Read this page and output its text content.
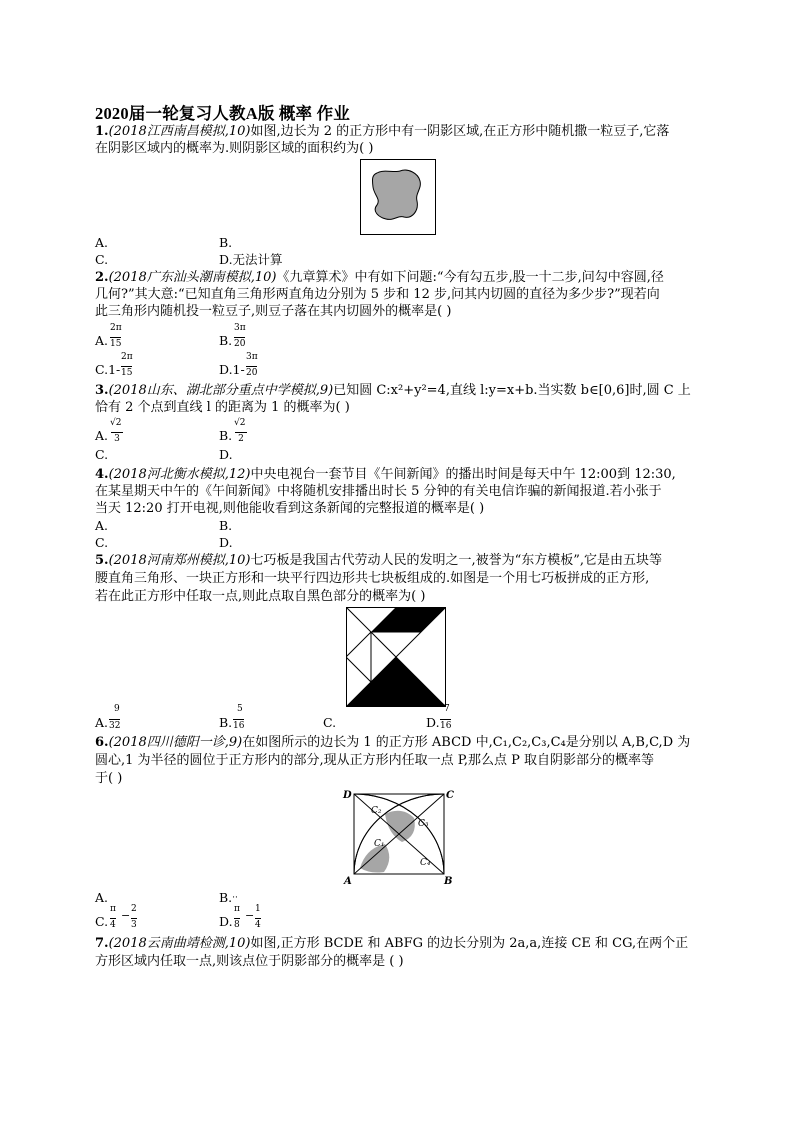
2020届一轮复习人教A版 概率 作业
1.(2018江西南昌模拟,10)如图,边长为 2 的正方形中有一阴影区域,在正方形中随机撒一粒豆子,它落
在阴影区域内的概率为.则阴影区域的面积约为( )
A.	B.
C.	D.无法计算
2.(2018广东汕头潮南模拟,10)《九章算术》中有如下问题:“今有勾五步,股一十二步,问勾中容圆,径
几何?”其大意:“已知直角三角形两直角边分别为 5 步和 12 步,问其内切圆的直径为多少步?”现若向
此三角形内随机投一粒豆子,则豆子落在其内切圆外的概率是( )
2π
A. 15
3π
B. 20
2π
C.1- 15
3π
D.1- 20
3.(2018山东、湖北部分重点中学模拟,9)已知圆 C:x²+y²=4,直线 l:y=x+b.当实数 b∈[0,6]时,圆 C 上
恰有 2 个点到直线 l 的距离为 1 的概率为( )
√2
A. 3
√2
B. 2
C.	D.
4.(2018河北衡水模拟,12)中央电视台一套节目《午间新闻》的播出时间是每天中午 12:00到 12:30,
在某星期天中午的《午间新闻》中将随机安排播出时长 5 分钟的有关电信诈骗的新闻报道.若小张于
当天 12:20 打开电视,则他能收看到这条新闻的完整报道的概率是( )
A.	B.
C.	D.
5.(2018河南郑州模拟,10)七巧板是我国古代劳动人民的发明之一,被誉为“东方模板”,它是由五块等
腰直角三角形、一块正方形和一块平行四边形共七块板组成的.如图是一个用七巧板拼成的正方形,
若在此正方形中任取一点,则此点取自黑色部分的概率为( )
9
A. 32
5
B. 16	C.
7
D. 16
6.(2018四川德阳一诊,9)在如图所示的边长为 1 的正方形 ABCD 中,C₁,C₂,C₃,C₄是分别以 A,B,C,D 为
圆心,1 为半径的圆位于正方形内的部分,现从正方形内任取一点 P,那么点 P 取自阴影部分的概率等
于( )
D	C
A	B
C₂
C₃
C₁
C₄
A.	B.··
C.
π
4
− 2
3	D.
π
8
− 1
4
7.(2018云南曲靖检测,10)如图,正方形 BCDE 和 ABFG 的边长分别为 2a,a,连接 CE 和 CG,在两个正
方形区域内任取一点,则该点位于阴影部分的概率是 ( )
